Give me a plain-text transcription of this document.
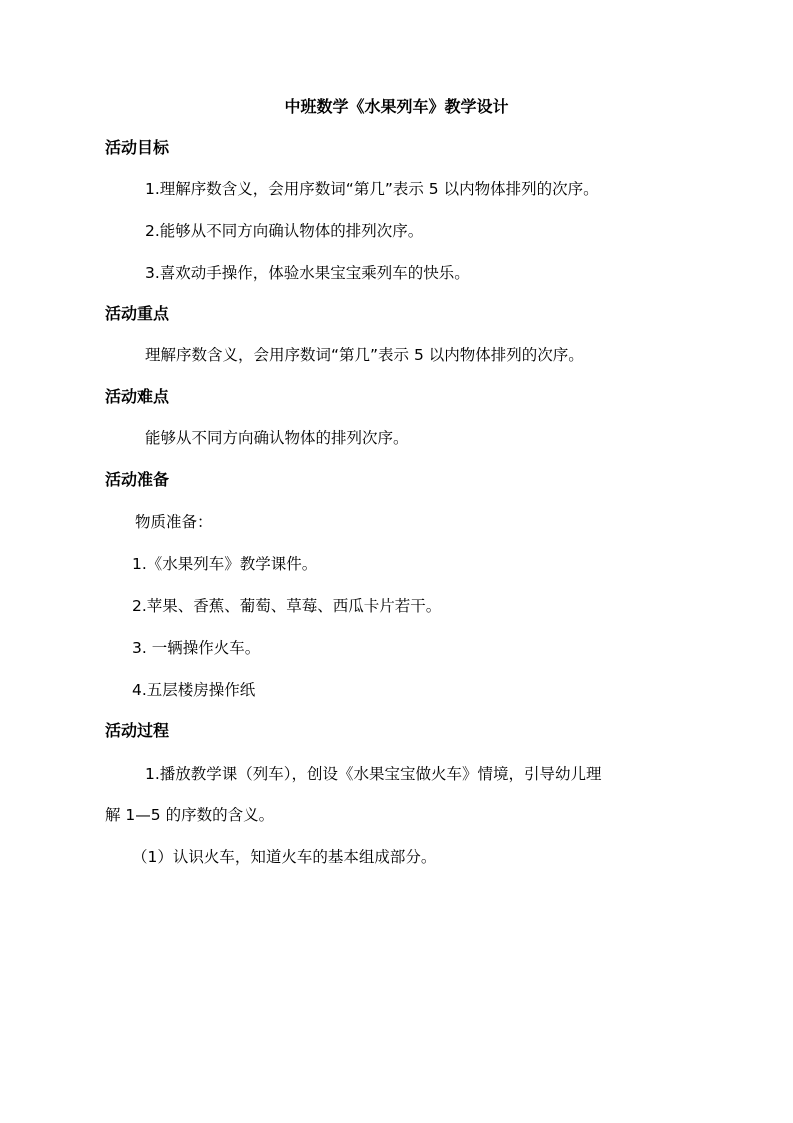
中班数学《水果列车》教学设计
活动目标
1.理解序数含义，会用序数词“第几”表示 5 以内物体排列的次序。
2.能够从不同方向确认物体的排列次序。
3.喜欢动手操作，体验水果宝宝乘列车的快乐。
活动重点
理解序数含义，会用序数词“第几”表示 5 以内物体排列的次序。
活动难点
能够从不同方向确认物体的排列次序。
活动准备
物质准备：
1.《水果列车》教学课件。
2.苹果、香蕉、葡萄、草莓、西瓜卡片若干。
3. 一辆操作火车。
4.五层楼房操作纸
活动过程
1.播放教学课（列车），创设《水果宝宝做火车》情境，引导幼儿理
解 1—5 的序数的含义。
（1）认识火车，知道火车的基本组成部分。
